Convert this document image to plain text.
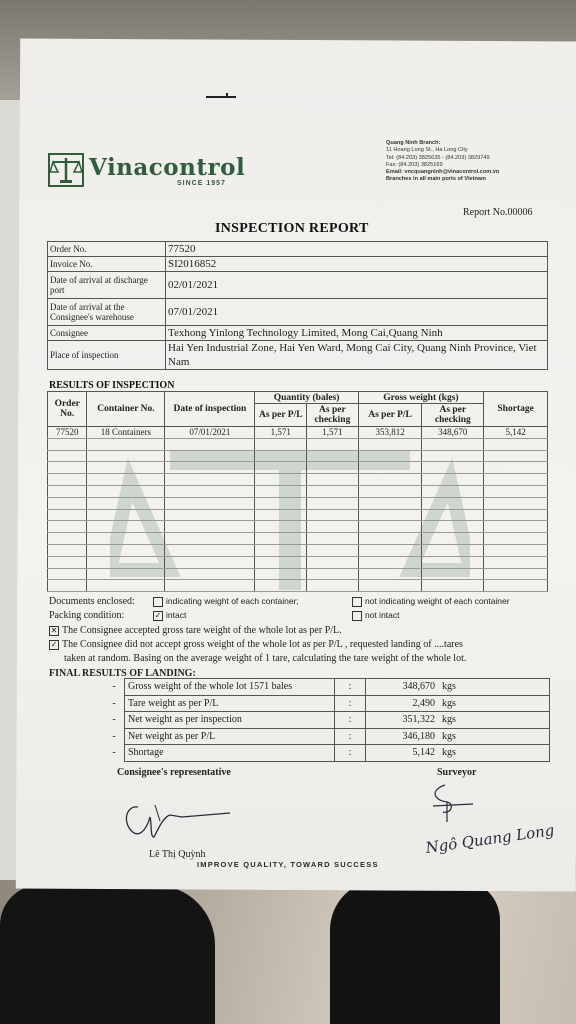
Vinacontrol
SINCE 1957
Quang Ninh Branch:
11 Hoang Long St., Ha Long City
Tel: (84.203) 3825635 - (84.203) 3829749
Fax: (84.203) 3825169
Email: vncquangninh@vinacontrol.com.vn
Branches in all main ports of Vietnam
Report No.00006
INSPECTION REPORT
Order No.	77520
Invoice No.	SI2016852
Date of arrival at discharge port	02/01/2021
Date of arrival at the Consignee's warehouse	07/01/2021
Consignee	Texhong Yinlong Technology Limited, Mong Cai,Quang Ninh
Place of inspection	Hai Yen Industrial Zone, Hai Yen Ward, Mong Cai City, Quang Ninh Province, Viet Nam
RESULTS OF INSPECTION
Order No.	Container No.	Date of inspection	Quantity (bales)		Gross weight (kgs)		Shortage
			As per P/L	As per checking	As per P/L	As per checking	
77520	18 Containers	07/01/2021	1,571	1,571	353,812	348,670	5,142

Documents enclosed:	indicating weight of each container;	not indicating weight of each container
Packing condition:	✓ intact	not intact
✕ The Consignee accepted gross tare weight of the whole lot as per P/L.
✓ The Consignee did not accept gross weight of the whole lot as per P/L , requested landing of ....tares
taken at random. Basing on the average weight of 1 tare, calculating the tare weight of the whole lot.
FINAL RESULTS OF LANDING:
-	Gross weight of the whole lot 1571 bales	:	348,670	kgs
-	Tare weight as per P/L	:	2,490	kgs
-	Net weight as per inspection	:	351,322	kgs
-	Net weight as per P/L	:	346,180	kgs
-	Shortage	:	5,142	kgs
Consignee's representative	Surveyor
Lê Thị Quỳnh	Ngô Quang Long
IMPROVE QUALITY, TOWARD SUCCESS
